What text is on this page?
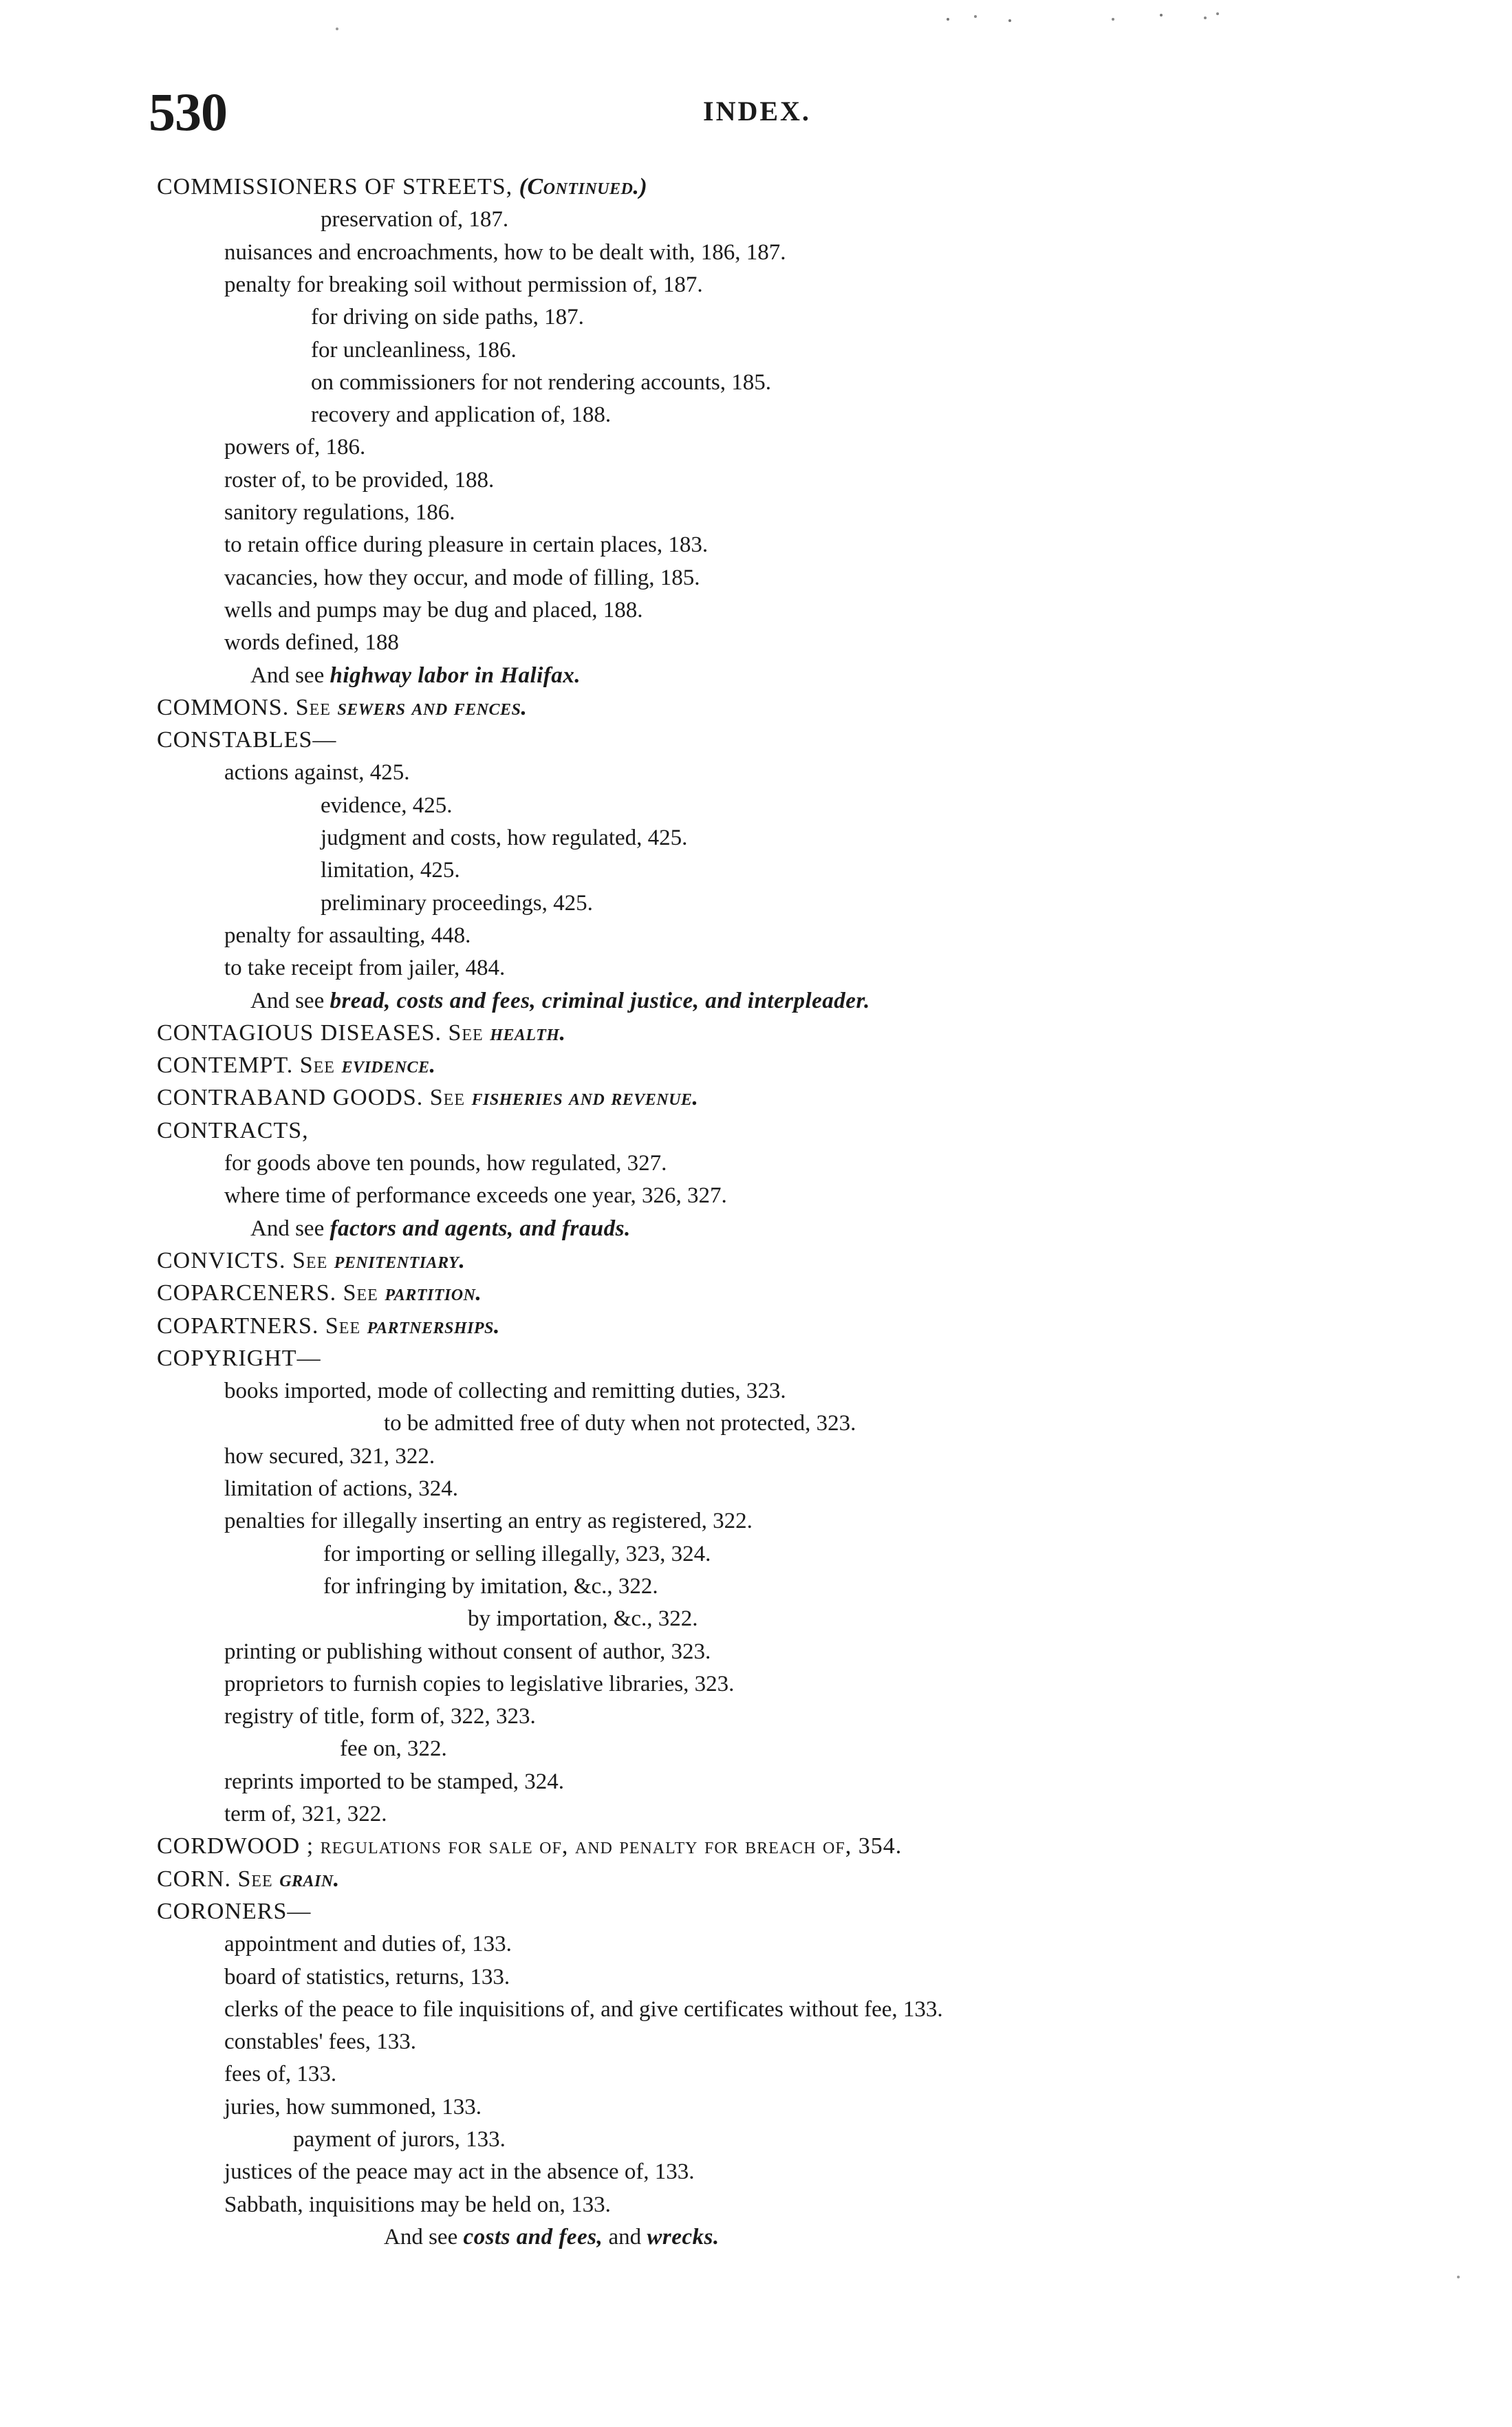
530	INDEX.
COMMISSIONERS OF STREETS, (Continued.)
preservation of, 187.
nuisances and encroachments, how to be dealt with, 186, 187.
penalty for breaking soil without permission of, 187.
for driving on side paths, 187.
for uncleanliness, 186.
on commissioners for not rendering accounts, 185.
recovery and application of, 188.
powers of, 186.
roster of, to be provided, 188.
sanitory regulations, 186.
to retain office during pleasure in certain places, 183.
vacancies, how they occur, and mode of filling, 185.
wells and pumps may be dug and placed, 188.
words defined, 188
And see highway labor in Halifax.
COMMONS. See sewers and fences.
CONSTABLES—
actions against, 425.
evidence, 425.
judgment and costs, how regulated, 425.
limitation, 425.
preliminary proceedings, 425.
penalty for assaulting, 448.
to take receipt from jailer, 484.
And see bread, costs and fees, criminal justice, and interpleader.
CONTAGIOUS DISEASES. See health.
CONTEMPT. See evidence.
CONTRABAND GOODS. See fisheries and revenue.
CONTRACTS,
for goods above ten pounds, how regulated, 327.
where time of performance exceeds one year, 326, 327.
And see factors and agents, and frauds.
CONVICTS. See penitentiary.
COPARCENERS. See partition.
COPARTNERS. See partnerships.
COPYRIGHT—
books imported, mode of collecting and remitting duties, 323.
to be admitted free of duty when not protected, 323.
how secured, 321, 322.
limitation of actions, 324.
penalties for illegally inserting an entry as registered, 322.
for importing or selling illegally, 323, 324.
for infringing by imitation, &c., 322.
by importation, &c., 322.
printing or publishing without consent of author, 323.
proprietors to furnish copies to legislative libraries, 323.
registry of title, form of, 322, 323.
fee on, 322.
reprints imported to be stamped, 324.
term of, 321, 322.
CORDWOOD ; regulations for sale of, and penalty for breach of, 354.
CORN. See grain.
CORONERS—
appointment and duties of, 133.
board of statistics, returns, 133.
clerks of the peace to file inquisitions of, and give certificates without fee, 133.
constables' fees, 133.
fees of, 133.
juries, how summoned, 133.
payment of jurors, 133.
justices of the peace may act in the absence of, 133.
Sabbath, inquisitions may be held on, 133.
And see costs and fees, and wrecks.
